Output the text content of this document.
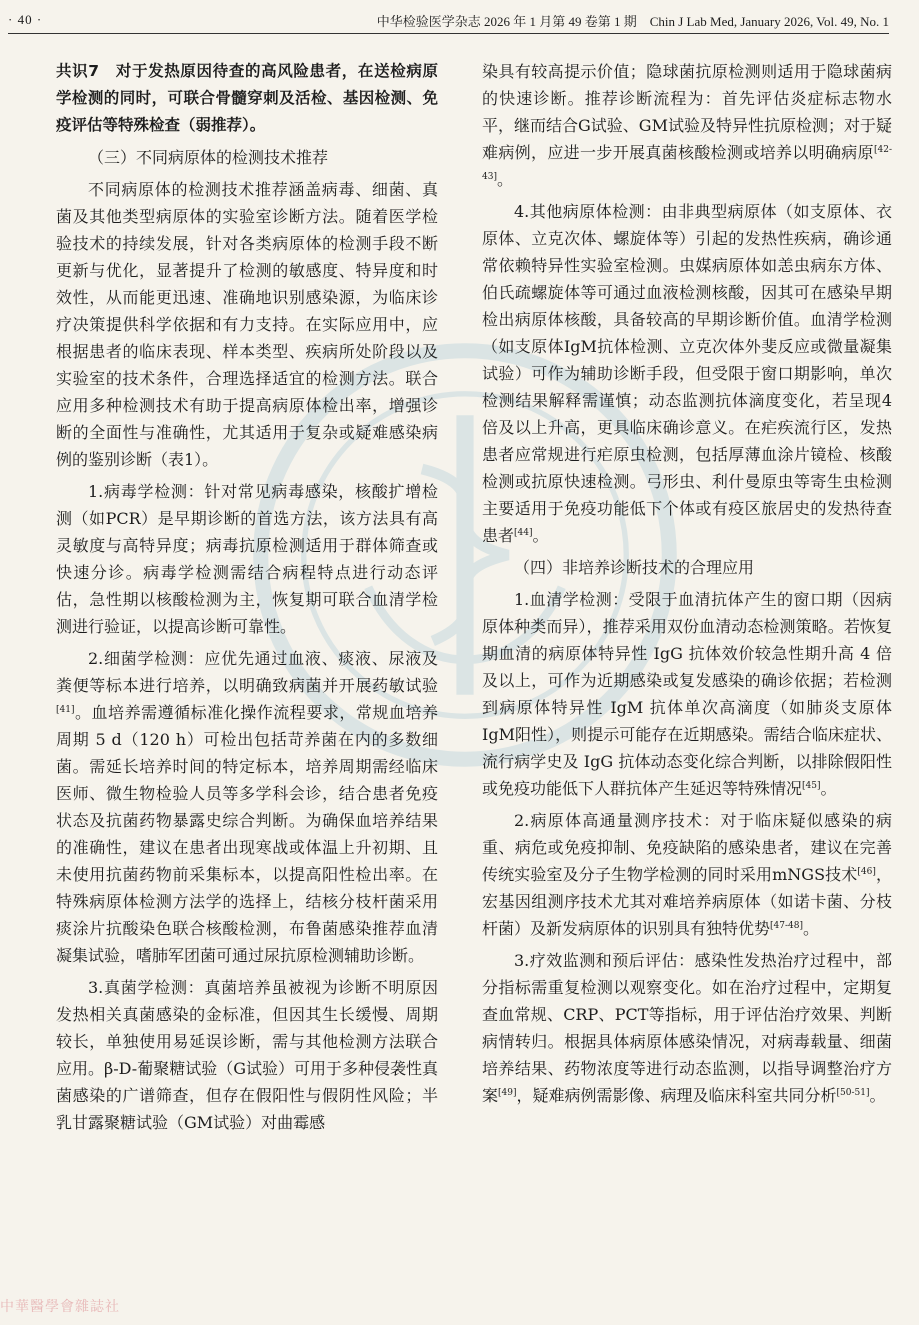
· 40 ·	中华检验医学杂志 2026 年 1 月第 49 卷第 1 期　Chin J Lab Med, January 2026, Vol. 49, No. 1

共识7　对于发热原因待查的高风险患者，在送检病原学检测的同时，可联合骨髓穿刺及活检、基因检测、免疫评估等特殊检查（弱推荐）。

（三）不同病原体的检测技术推荐

不同病原体的检测技术推荐涵盖病毒、细菌、真菌及其他类型病原体的实验室诊断方法。随着医学检验技术的持续发展，针对各类病原体的检测手段不断更新与优化，显著提升了检测的敏感度、特异度和时效性，从而能更迅速、准确地识别感染源，为临床诊疗决策提供科学依据和有力支持。在实际应用中，应根据患者的临床表现、样本类型、疾病所处阶段以及实验室的技术条件，合理选择适宜的检测方法。联合应用多种检测技术有助于提高病原体检出率，增强诊断的全面性与准确性，尤其适用于复杂或疑难感染病例的鉴别诊断（表1）。

1.病毒学检测：针对常见病毒感染，核酸扩增检测（如PCR）是早期诊断的首选方法，该方法具有高灵敏度与高特异度；病毒抗原检测适用于群体筛查或快速分诊。病毒学检测需结合病程特点进行动态评估，急性期以核酸检测为主，恢复期可联合血清学检测进行验证，以提高诊断可靠性。

2.细菌学检测：应优先通过血液、痰液、尿液及粪便等标本进行培养，以明确致病菌并开展药敏试验[41]。血培养需遵循标准化操作流程要求，常规血培养周期 5 d（120 h）可检出包括苛养菌在内的多数细菌。需延长培养时间的特定标本，培养周期需经临床医师、微生物检验人员等多学科会诊，结合患者免疫状态及抗菌药物暴露史综合判断。为确保血培养结果的准确性，建议在患者出现寒战或体温上升初期、且未使用抗菌药物前采集标本，以提高阳性检出率。在特殊病原体检测方法学的选择上，结核分枝杆菌采用痰涂片抗酸染色联合核酸检测，布鲁菌感染推荐血清凝集试验，嗜肺军团菌可通过尿抗原检测辅助诊断。

3.真菌学检测：真菌培养虽被视为诊断不明原因发热相关真菌感染的金标准，但因其生长缓慢、周期较长，单独使用易延误诊断，需与其他检测方法联合应用。β-D-葡聚糖试验（G试验）可用于多种侵袭性真菌感染的广谱筛查，但存在假阳性与假阴性风险；半乳甘露聚糖试验（GM试验）对曲霉感

染具有较高提示价值；隐球菌抗原检测则适用于隐球菌病的快速诊断。推荐诊断流程为：首先评估炎症标志物水平，继而结合G试验、GM试验及特异性抗原检测；对于疑难病例，应进一步开展真菌核酸检测或培养以明确病原[42-43]。

4.其他病原体检测：由非典型病原体（如支原体、衣原体、立克次体、螺旋体等）引起的发热性疾病，确诊通常依赖特异性实验室检测。虫媒病原体如恙虫病东方体、伯氏疏螺旋体等可通过血液检测核酸，因其可在感染早期检出病原体核酸，具备较高的早期诊断价值。血清学检测（如支原体IgM抗体检测、立克次体外斐反应或微量凝集试验）可作为辅助诊断手段，但受限于窗口期影响，单次检测结果解释需谨慎；动态监测抗体滴度变化，若呈现4倍及以上升高，更具临床确诊意义。在疟疾流行区，发热患者应常规进行疟原虫检测，包括厚薄血涂片镜检、核酸检测或抗原快速检测。弓形虫、利什曼原虫等寄生虫检测主要适用于免疫功能低下个体或有疫区旅居史的发热待查患者[44]。

（四）非培养诊断技术的合理应用

1.血清学检测：受限于血清抗体产生的窗口期（因病原体种类而异），推荐采用双份血清动态检测策略。若恢复期血清的病原体特异性 IgG 抗体效价较急性期升高 4 倍及以上，可作为近期感染或复发感染的确诊依据；若检测到病原体特异性 IgM 抗体单次高滴度（如肺炎支原体IgM阳性），则提示可能存在近期感染。需结合临床症状、流行病学史及 IgG 抗体动态变化综合判断，以排除假阳性或免疫功能低下人群抗体产生延迟等特殊情况[45]。

2.病原体高通量测序技术：对于临床疑似感染的病重、病危或免疫抑制、免疫缺陷的感染患者，建议在完善传统实验室及分子生物学检测的同时采用mNGS技术[46]，宏基因组测序技术尤其对难培养病原体（如诺卡菌、分枝杆菌）及新发病原体的识别具有独特优势[47-48]。

3.疗效监测和预后评估：感染性发热治疗过程中，部分指标需重复检测以观察变化。如在治疗过程中，定期复查血常规、CRP、PCT等指标，用于评估治疗效果、判断病情转归。根据具体病原体感染情况，对病毒载量、细菌培养结果、药物浓度等进行动态监测，以指导调整治疗方案[49]，疑难病例需影像、病理及临床科室共同分析[50-51]。

中華醫學會雜誌社
